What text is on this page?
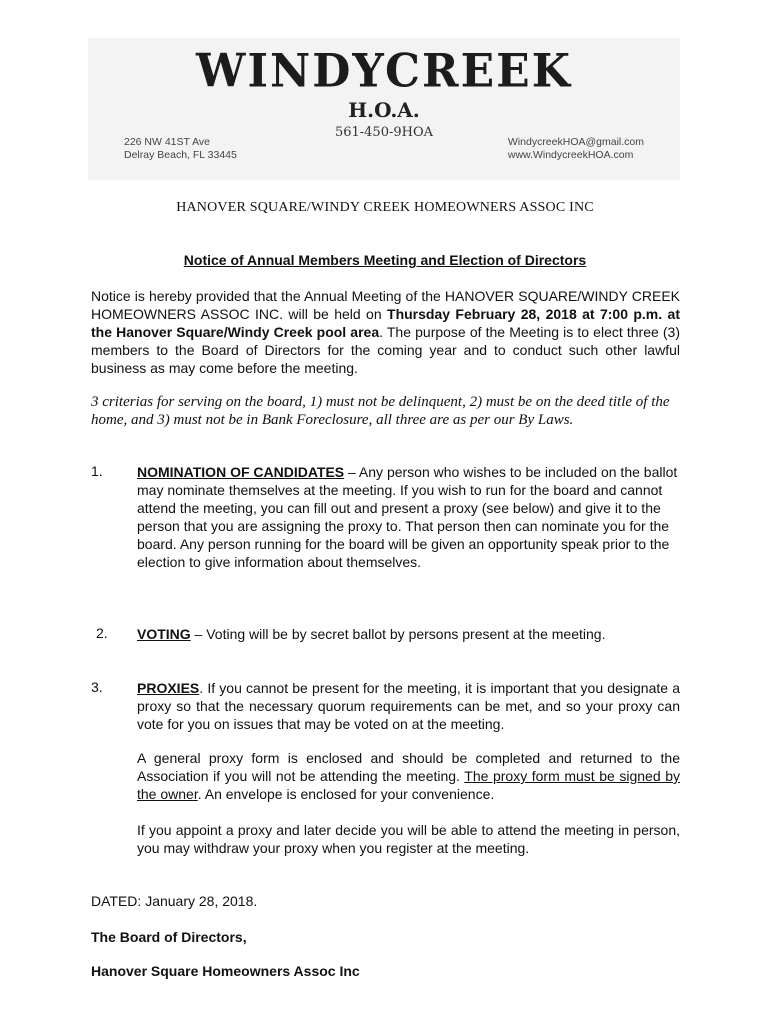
WINDYCREEK
H.O.A.
561-450-9HOA
226 NW 41ST Ave
Delray Beach, FL 33445
WindycreekHOA@gmail.com
www.WindycreekHOA.com
HANOVER SQUARE/WINDY CREEK HOMEOWNERS ASSOC INC
Notice of Annual Members Meeting and Election of Directors
Notice is hereby provided that the Annual Meeting of the HANOVER SQUARE/WINDY CREEK HOMEOWNERS ASSOC INC. will be held on Thursday February 28, 2018 at 7:00 p.m. at the Hanover Square/Windy Creek pool area. The purpose of the Meeting is to elect three (3) members to the Board of Directors for the coming year and to conduct such other lawful business as may come before the meeting.
3 criterias for serving on the board, 1) must not be delinquent, 2) must be on the deed title of the home, and 3) must not be in Bank Foreclosure, all three are as per our By Laws.
1. NOMINATION OF CANDIDATES – Any person who wishes to be included on the ballot may nominate themselves at the meeting. If you wish to run for the board and cannot attend the meeting, you can fill out and present a proxy (see below) and give it to the person that you are assigning the proxy to. That person then can nominate you for the board. Any person running for the board will be given an opportunity speak prior to the election to give information about themselves.
2. VOTING – Voting will be by secret ballot by persons present at the meeting.
3. PROXIES. If you cannot be present for the meeting, it is important that you designate a proxy so that the necessary quorum requirements can be met, and so your proxy can vote for you on issues that may be voted on at the meeting.
A general proxy form is enclosed and should be completed and returned to the Association if you will not be attending the meeting. The proxy form must be signed by the owner. An envelope is enclosed for your convenience.
If you appoint a proxy and later decide you will be able to attend the meeting in person, you may withdraw your proxy when you register at the meeting.
DATED: January 28, 2018.
The Board of Directors,
Hanover Square Homeowners Assoc Inc
